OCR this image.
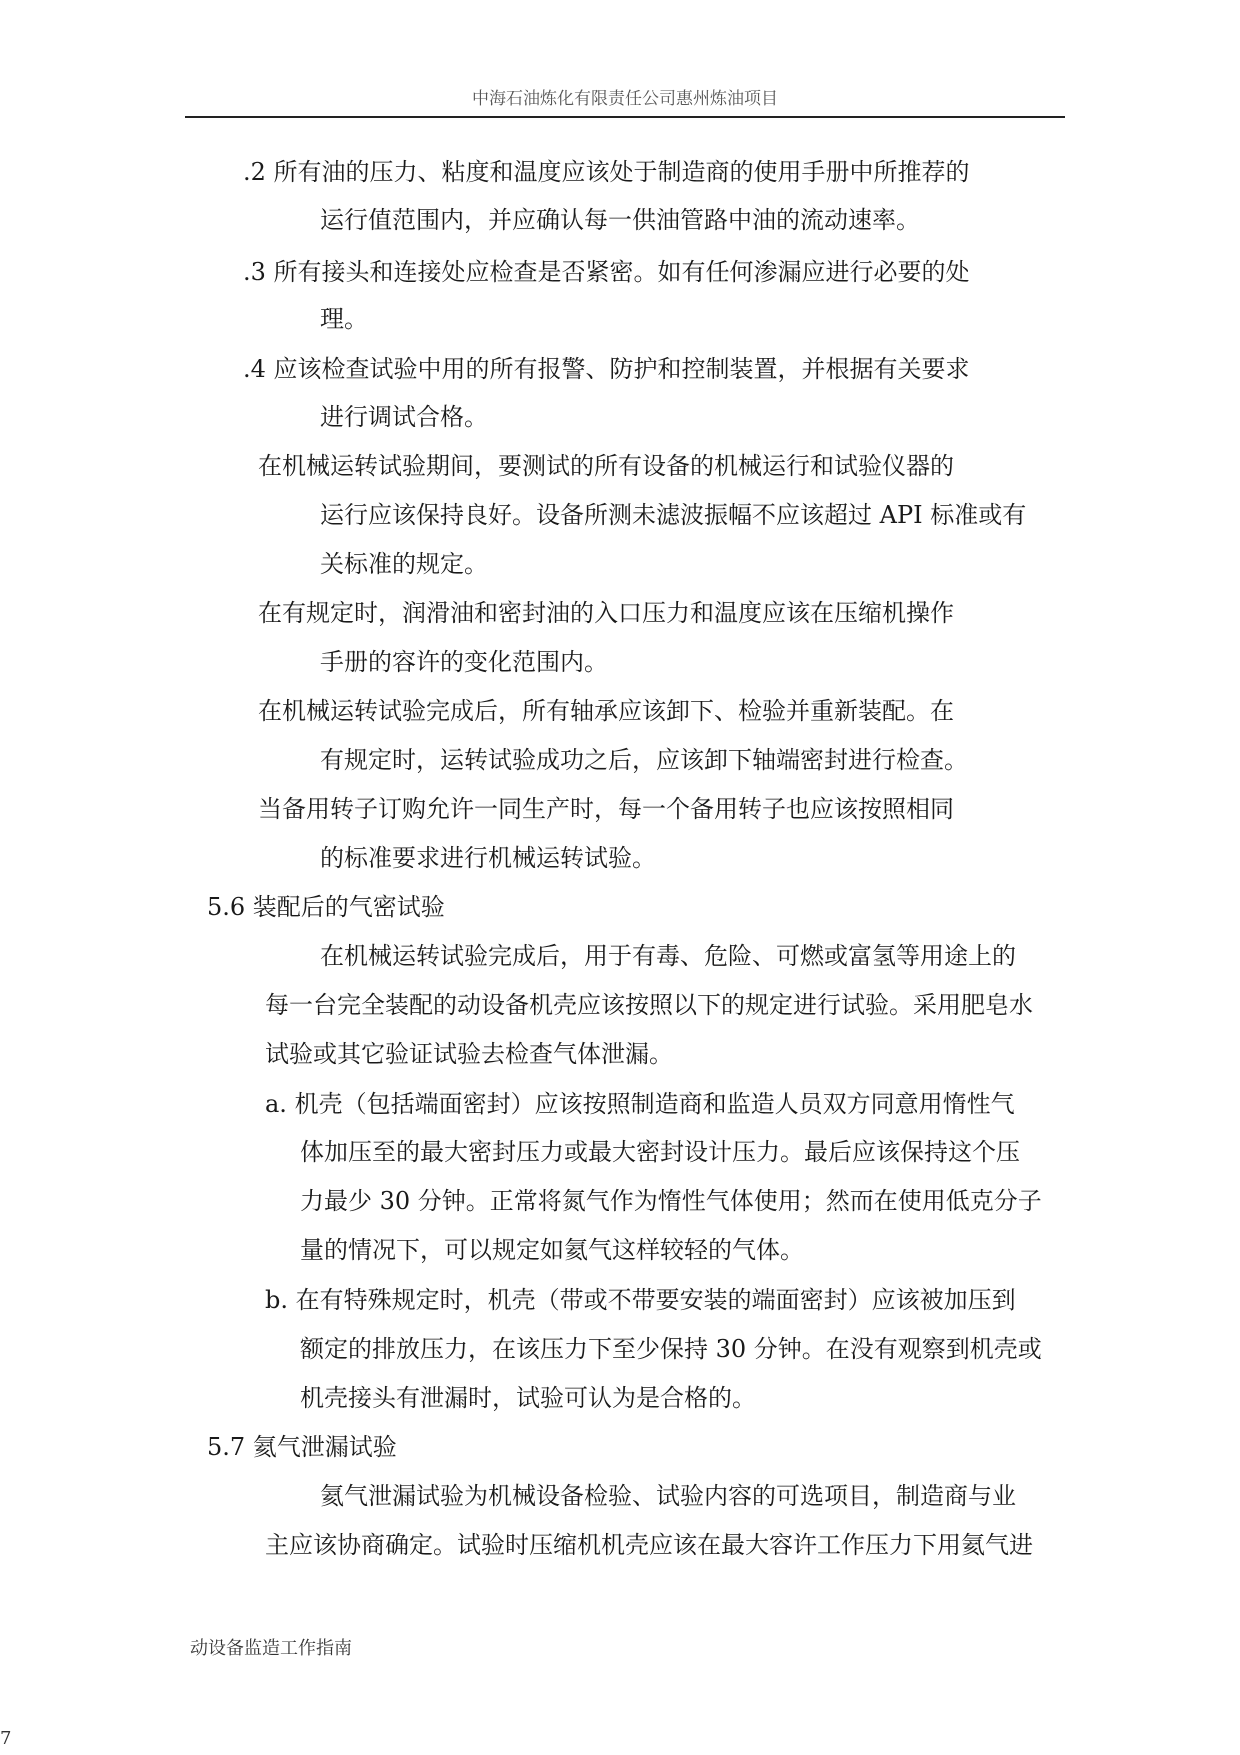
中海石油炼化有限责任公司惠州炼油项目
.2 所有油的压力、粘度和温度应该处于制造商的使用手册中所推荐的
运行值范围内，并应确认每一供油管路中油的流动速率。
.3 所有接头和连接处应检查是否紧密。如有任何渗漏应进行必要的处
理。
.4 应该检查试验中用的所有报警、防护和控制装置，并根据有关要求
进行调试合格。
在机械运转试验期间，要测试的所有设备的机械运行和试验仪器的
运行应该保持良好。设备所测未滤波振幅不应该超过 API 标准或有
关标准的规定。
在有规定时，润滑油和密封油的入口压力和温度应该在压缩机操作
手册的容许的变化范围内。
在机械运转试验完成后，所有轴承应该卸下、检验并重新装配。在
有规定时，运转试验成功之后，应该卸下轴端密封进行检查。
当备用转子订购允许一同生产时，每一个备用转子也应该按照相同
的标准要求进行机械运转试验。
5.6 装配后的气密试验
在机械运转试验完成后，用于有毒、危险、可燃或富氢等用途上的
每一台完全装配的动设备机壳应该按照以下的规定进行试验。采用肥皂水
试验或其它验证试验去检查气体泄漏。
a. 机壳（包括端面密封）应该按照制造商和监造人员双方同意用惰性气
体加压至的最大密封压力或最大密封设计压力。最后应该保持这个压
力最少 30 分钟。正常将氮气作为惰性气体使用；然而在使用低克分子
量的情况下，可以规定如氦气这样较轻的气体。
b. 在有特殊规定时，机壳（带或不带要安装的端面密封）应该被加压到
额定的排放压力，在该压力下至少保持 30 分钟。在没有观察到机壳或
机壳接头有泄漏时，试验可认为是合格的。
5.7 氦气泄漏试验
氦气泄漏试验为机械设备检验、试验内容的可选项目，制造商与业
主应该协商确定。试验时压缩机机壳应该在最大容许工作压力下用氦气进
动设备监造工作指南
7
